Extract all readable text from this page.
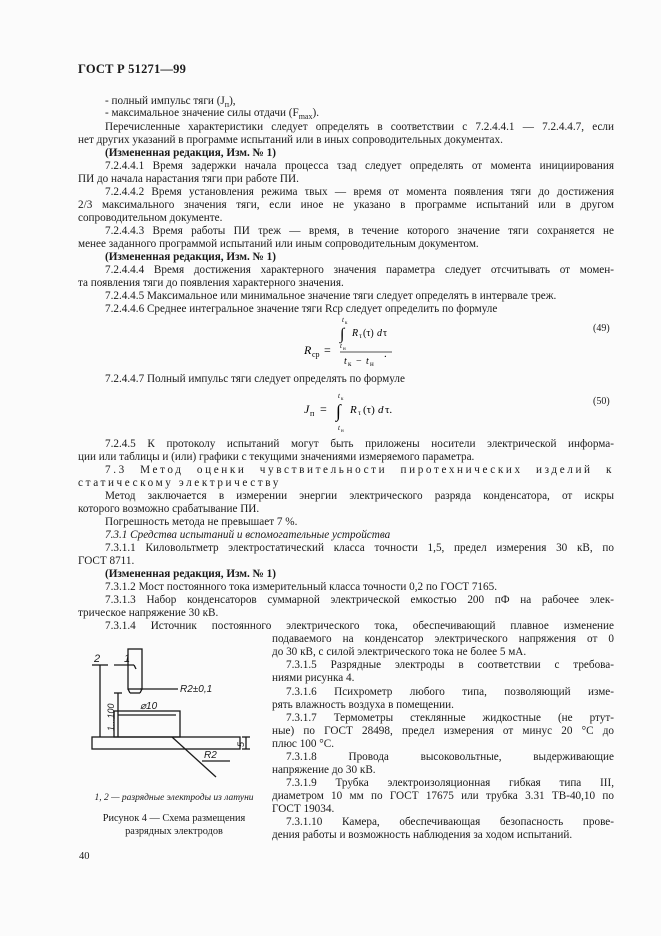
ГОСТ Р 51271—99
- полный импульс тяги $(J_п)$,
- максимальное значение силы отдачи $(F_{max})$.
Перечисленные характеристики следует определять в соответствии с 7.2.4.4.1 — 7.2.4.4.7, если
нет других указаний в программе испытаний или в иных сопроводительных документах.
(Измененная редакция, Изм. № 1)
7.2.4.4.1 Время задержки начала процесса τзад следует определять от момента инициирования
ПИ до начала нарастания тяги при работе ПИ.
7.2.4.4.2 Время установления режима τвых — время от момента появления тяги до достижения
2/3 максимального значения тяги, если иное не указано в программе испытаний или в другом
сопроводительном документе.
7.2.4.4.3 Время работы ПИ τреж — время, в течение которого значение тяги сохраняется не
менее заданного программой испытаний или иным сопроводительным документом.
(Измененная редакция, Изм. № 1)
7.2.4.4.4 Время достижения характерного значения параметра следует отсчитывать от момен-
та появления тяги до появления характерного значения.
7.2.4.4.5 Максимальное или минимальное значение тяги следует определять в интервале τреж.
7.2.4.4.6 Среднее интегральное значение тяги Rср следует определить по формуле
R ср =
t к
∫ R τ (τ) d τ
t н
t к − t н
.
(49)
7.2.4.4.7 Полный импульс тяги следует определять по формуле
J п =
t к
∫
t н
R τ (τ) d τ.
(50)
7.2.4.5 К протоколу испытаний могут быть приложены носители электрической информа-
ции или таблицы и (или) графики с текущими значениями измеряемого параметра.
7.3 Метод оценки чувствительности пиротехнических изделий к
статическому электричеству
Метод заключается в измерении энергии электрического разряда конденсатора, от искры
которого возможно срабатывание ПИ.
Погрешность метода не превышает 7 %.
7.3.1 Средства испытаний и вспомогательные устройства
7.3.1.1 Киловольтметр электростатический класса точности 1,5, предел измерения 30 кВ, по
ГОСТ 8711.
(Измененная редакция, Изм. № 1)
7.3.1.2 Мост постоянного тока измерительный класса точности 0,2 по ГОСТ 7165.
7.3.1.3 Набор конденсаторов суммарной электрической емкостью 200 пФ на рабочее элек-
трическое напряжение 30 кВ.
7.3.1.4 Источник постоянного электрического тока, обеспечивающий плавное изменение
подаваемого на конденсатор электрического напряжения от 0
до 30 кВ, с силой электрического тока не более 5 мА.
7.3.1.5 Разрядные электроды в соответствии с требова-
ниями рисунка 4.
7.3.1.6 Психрометр любого типа, позволяющий изме-
рять влажность воздуха в помещении.
7.3.1.7 Термометры стеклянные жидкостные (не ртут-
ные) по ГОСТ 28498, предел измерения от минус 20 °С до
плюс 100 °С.
7.3.1.8 Провода высоковольтные, выдерживающие
напряжение до 30 кВ.
7.3.1.9 Трубка электроизоляционная гибкая типа III,
диаметром 10 мм по ГОСТ 17675 или трубка 3.31 ТВ-40,10 по
ГОСТ 19034.
7.3.1.10 Камера, обеспечивающая безопасность прове-
дения работы и возможность наблюдения за ходом испытаний.
2 1
R2±0,1
⌀10
1...100
5
R2
1, 2 — разрядные электроды из латуни
Рисунок 4 — Схема размещения
разрядных электродов
40
